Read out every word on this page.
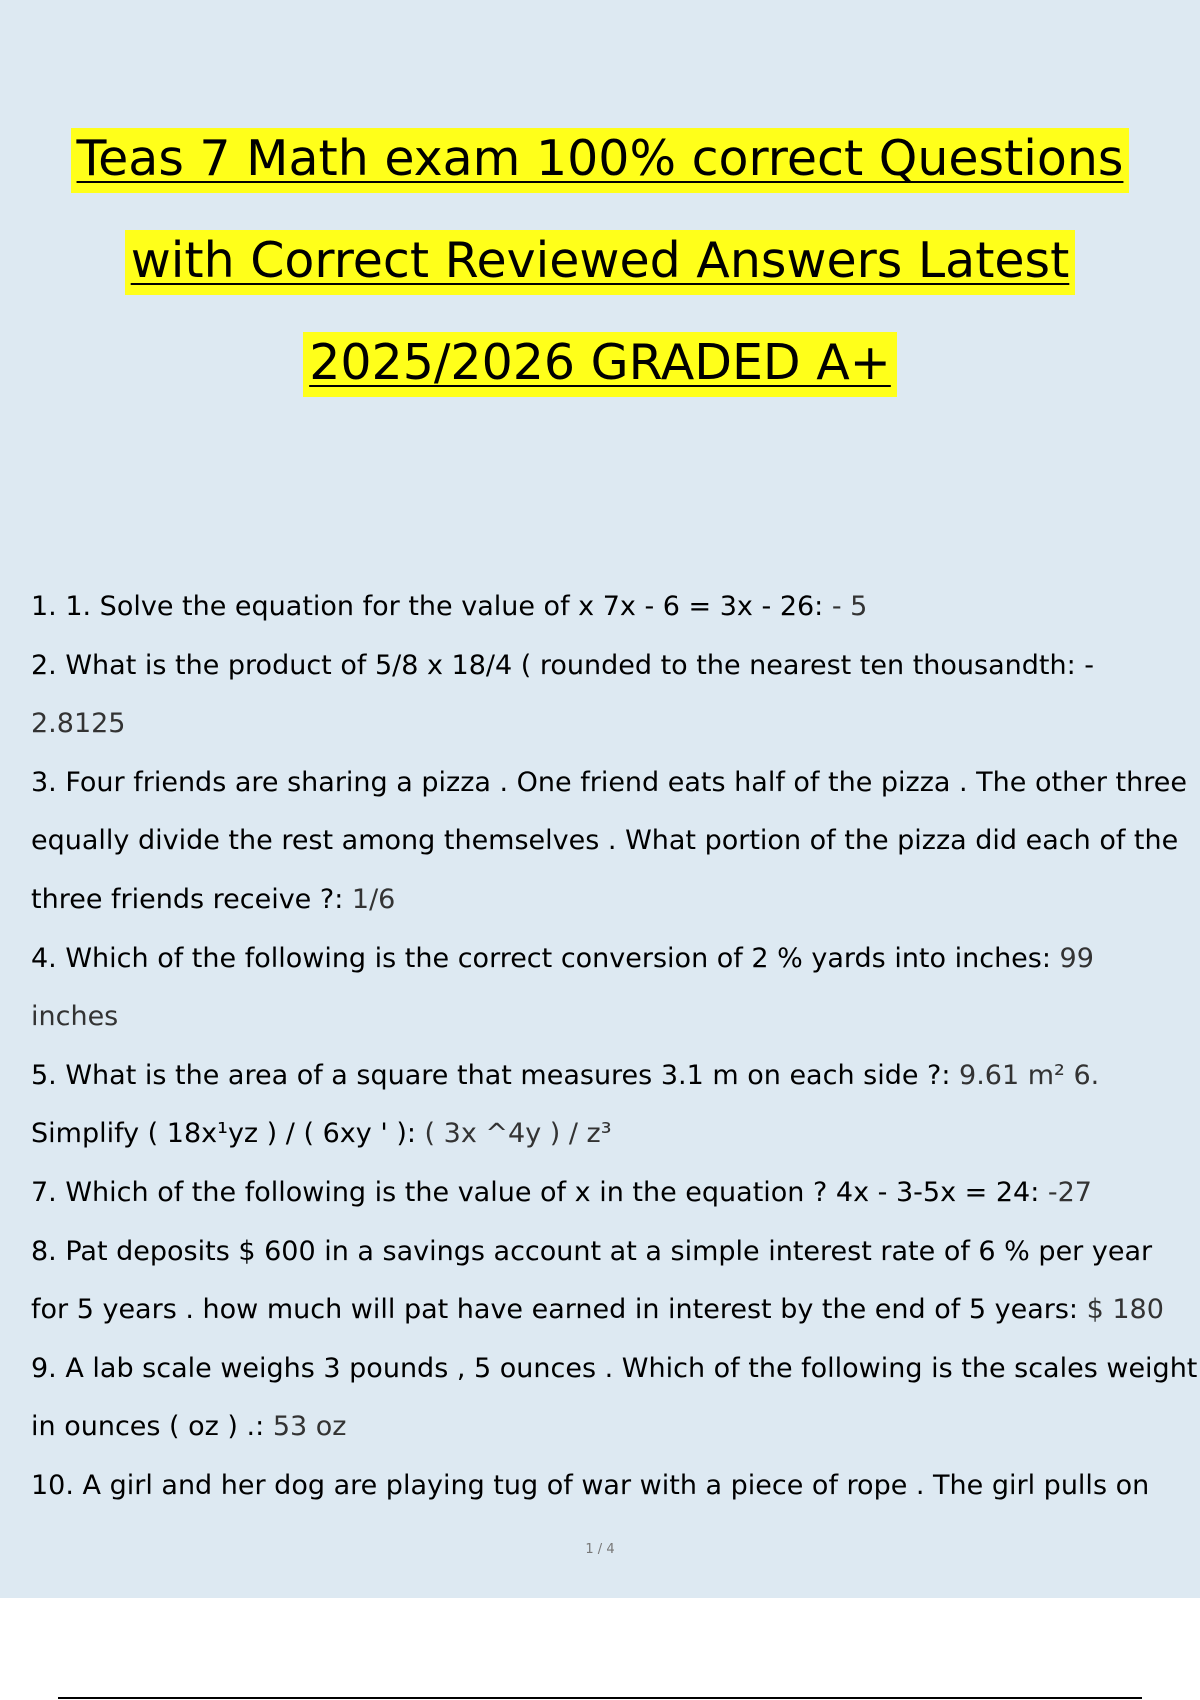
Teas 7 Math exam 100% correct Questions
with Correct Reviewed Answers Latest
2025/2026 GRADED A+
1. 1. Solve the equation for the value of x 7x - 6 = 3x - 26: - 5
2. What is the product of 5/8 x 18/4 ( rounded to the nearest ten thousandth: -
2.8125
3. Four friends are sharing a pizza . One friend eats half of the pizza . The other three
equally divide the rest among themselves . What portion of the pizza did each of the
three friends receive ?: 1/6
4. Which of the following is the correct conversion of 2 % yards into inches: 99
inches
5. What is the area of a square that measures 3.1 m on each side ?: 9.61 m² 6.
Simplify ( 18x¹yz ) / ( 6xy ' ): ( 3x ^4y ) / z³
7. Which of the following is the value of x in the equation ? 4x - 3-5x = 24: -27
8. Pat deposits $ 600 in a savings account at a simple interest rate of 6 % per year
for 5 years . how much will pat have earned in interest by the end of 5 years: $ 180
9. A lab scale weighs 3 pounds , 5 ounces . Which of the following is the scales weight
in ounces ( oz ) .: 53 oz
10. A girl and her dog are playing tug of war with a piece of rope . The girl pulls on
1 / 4
